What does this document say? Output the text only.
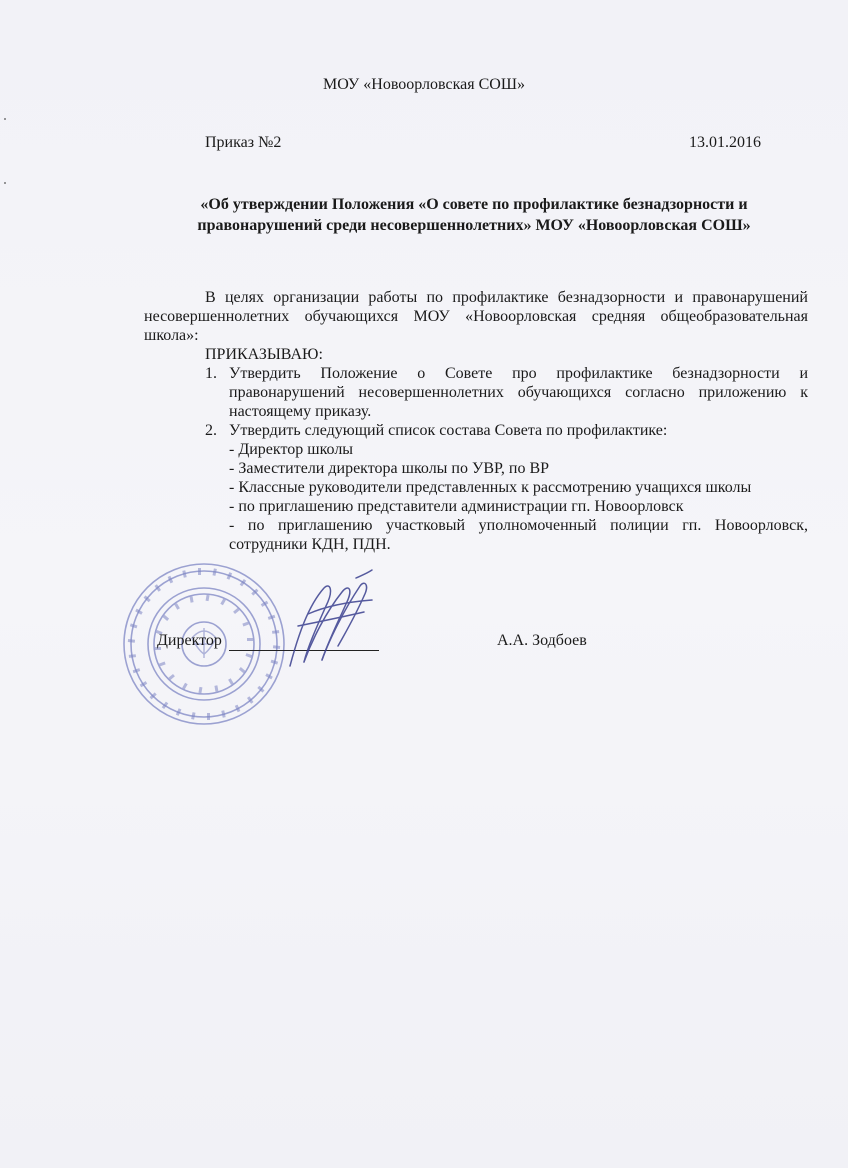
МОУ «Новоорловская СОШ»
Приказ №2	13.01.2016
«Об утверждении Положения «О совете по профилактике безнадзорности и
правонарушений среди несовершеннолетних» МОУ «Новоорловская СОШ»
В целях организации работы по профилактике безнадзорности и правонарушений несовершеннолетних обучающихся МОУ «Новоорловская средняя общеобразовательная школа»:
ПРИКАЗЫВАЮ:
1. Утвердить Положение о Совете про профилактике безнадзорности и правонарушений несовершеннолетних обучающихся согласно приложению к настоящему приказу.
2. Утвердить следующий список состава Совета по профилактике:
- Директор школы
- Заместители директора школы по УВР, по ВР
- Классные руководители представленных к рассмотрению учащихся школы
- по приглашению представители администрации гп. Новоорловск
- по приглашению участковый уполномоченный полиции гп. Новоорловск, сотрудники КДН, ПДН.
Директор	А.А. Зодбоев
